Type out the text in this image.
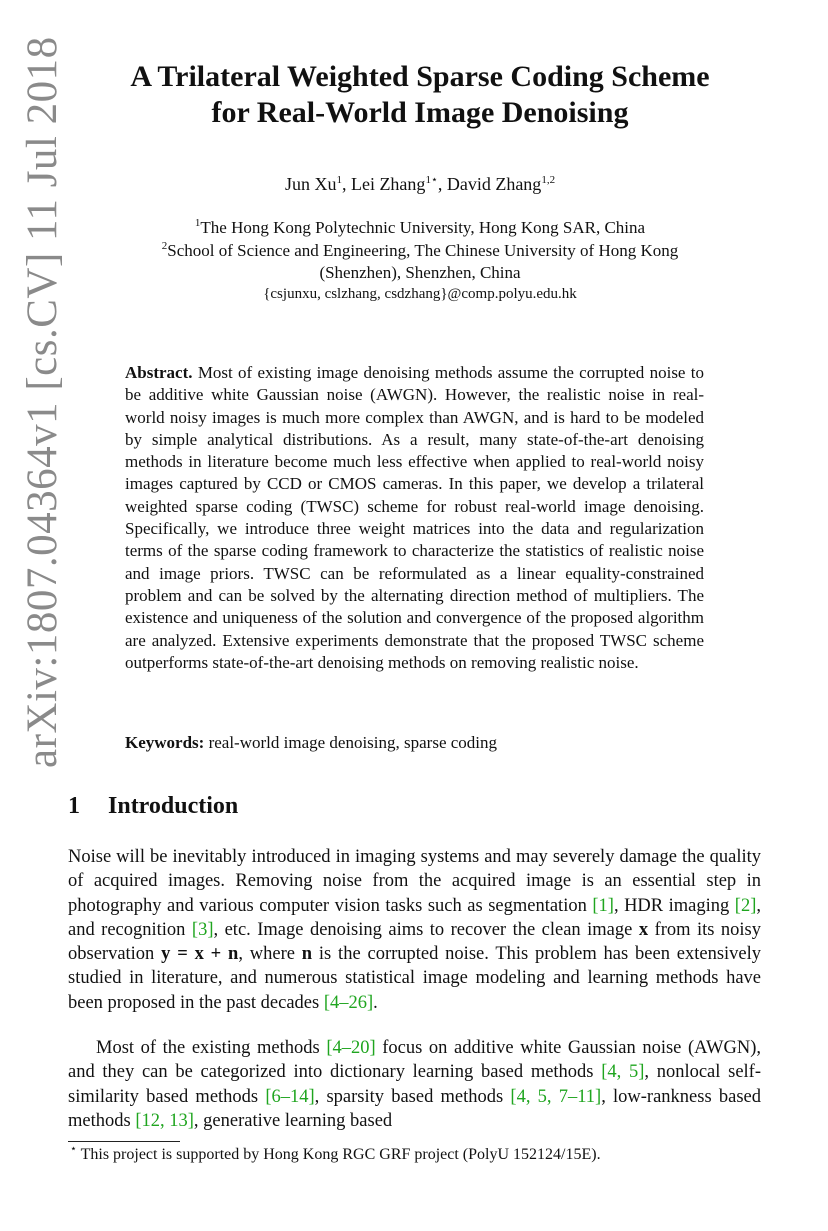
arXiv:1807.04364v1 [cs.CV] 11 Jul 2018	A Trilateral Weighted Sparse Coding Scheme
for Real-World Image Denoising
Jun Xu$^1$, Lei Zhang$^{1⋆}$, David Zhang$^{1,2}$
$^1$The Hong Kong Polytechnic University, Hong Kong SAR, China
$^2$School of Science and Engineering, The Chinese University of Hong Kong
(Shenzhen), Shenzhen, China
{csjunxu, cslzhang, csdzhang}@comp.polyu.edu.hk
Abstract. Most of existing image denoising methods assume the corrupted noise to be additive white Gaussian noise (AWGN). However, the realistic noise in real-world noisy images is much more complex than AWGN, and is hard to be modeled by simple analytical distributions. As a result, many state-of-the-art denoising methods in literature become much less effective when applied to real-world noisy images captured by CCD or CMOS cameras. In this paper, we develop a trilateral weighted sparse coding (TWSC) scheme for robust real-world image denoising. Specifically, we introduce three weight matrices into the data and regularization terms of the sparse coding framework to characterize the statistics of realistic noise and image priors. TWSC can be reformulated as a linear equality-constrained problem and can be solved by the alternating direction method of multipliers. The existence and uniqueness of the solution and convergence of the proposed algorithm are analyzed. Extensive experiments demonstrate that the proposed TWSC scheme outperforms state-of-the-art denoising methods on removing realistic noise.
Keywords: real-world image denoising, sparse coding
1 Introduction
Noise will be inevitably introduced in imaging systems and may severely damage the quality of acquired images. Removing noise from the acquired image is an essential step in photography and various computer vision tasks such as segmentation [1], HDR imaging [2], and recognition [3], etc. Image denoising aims to recover the clean image x from its noisy observation y = x + n, where n is the corrupted noise. This problem has been extensively studied in literature, and numerous statistical image modeling and learning methods have been proposed in the past decades [4–26].
Most of the existing methods [4–20] focus on additive white Gaussian noise (AWGN), and they can be categorized into dictionary learning based methods [4, 5], nonlocal self-similarity based methods [6–14], sparsity based methods [4, 5, 7–11], low-rankness based methods [12, 13], generative learning based
⋆ This project is supported by Hong Kong RGC GRF project (PolyU 152124/15E).
